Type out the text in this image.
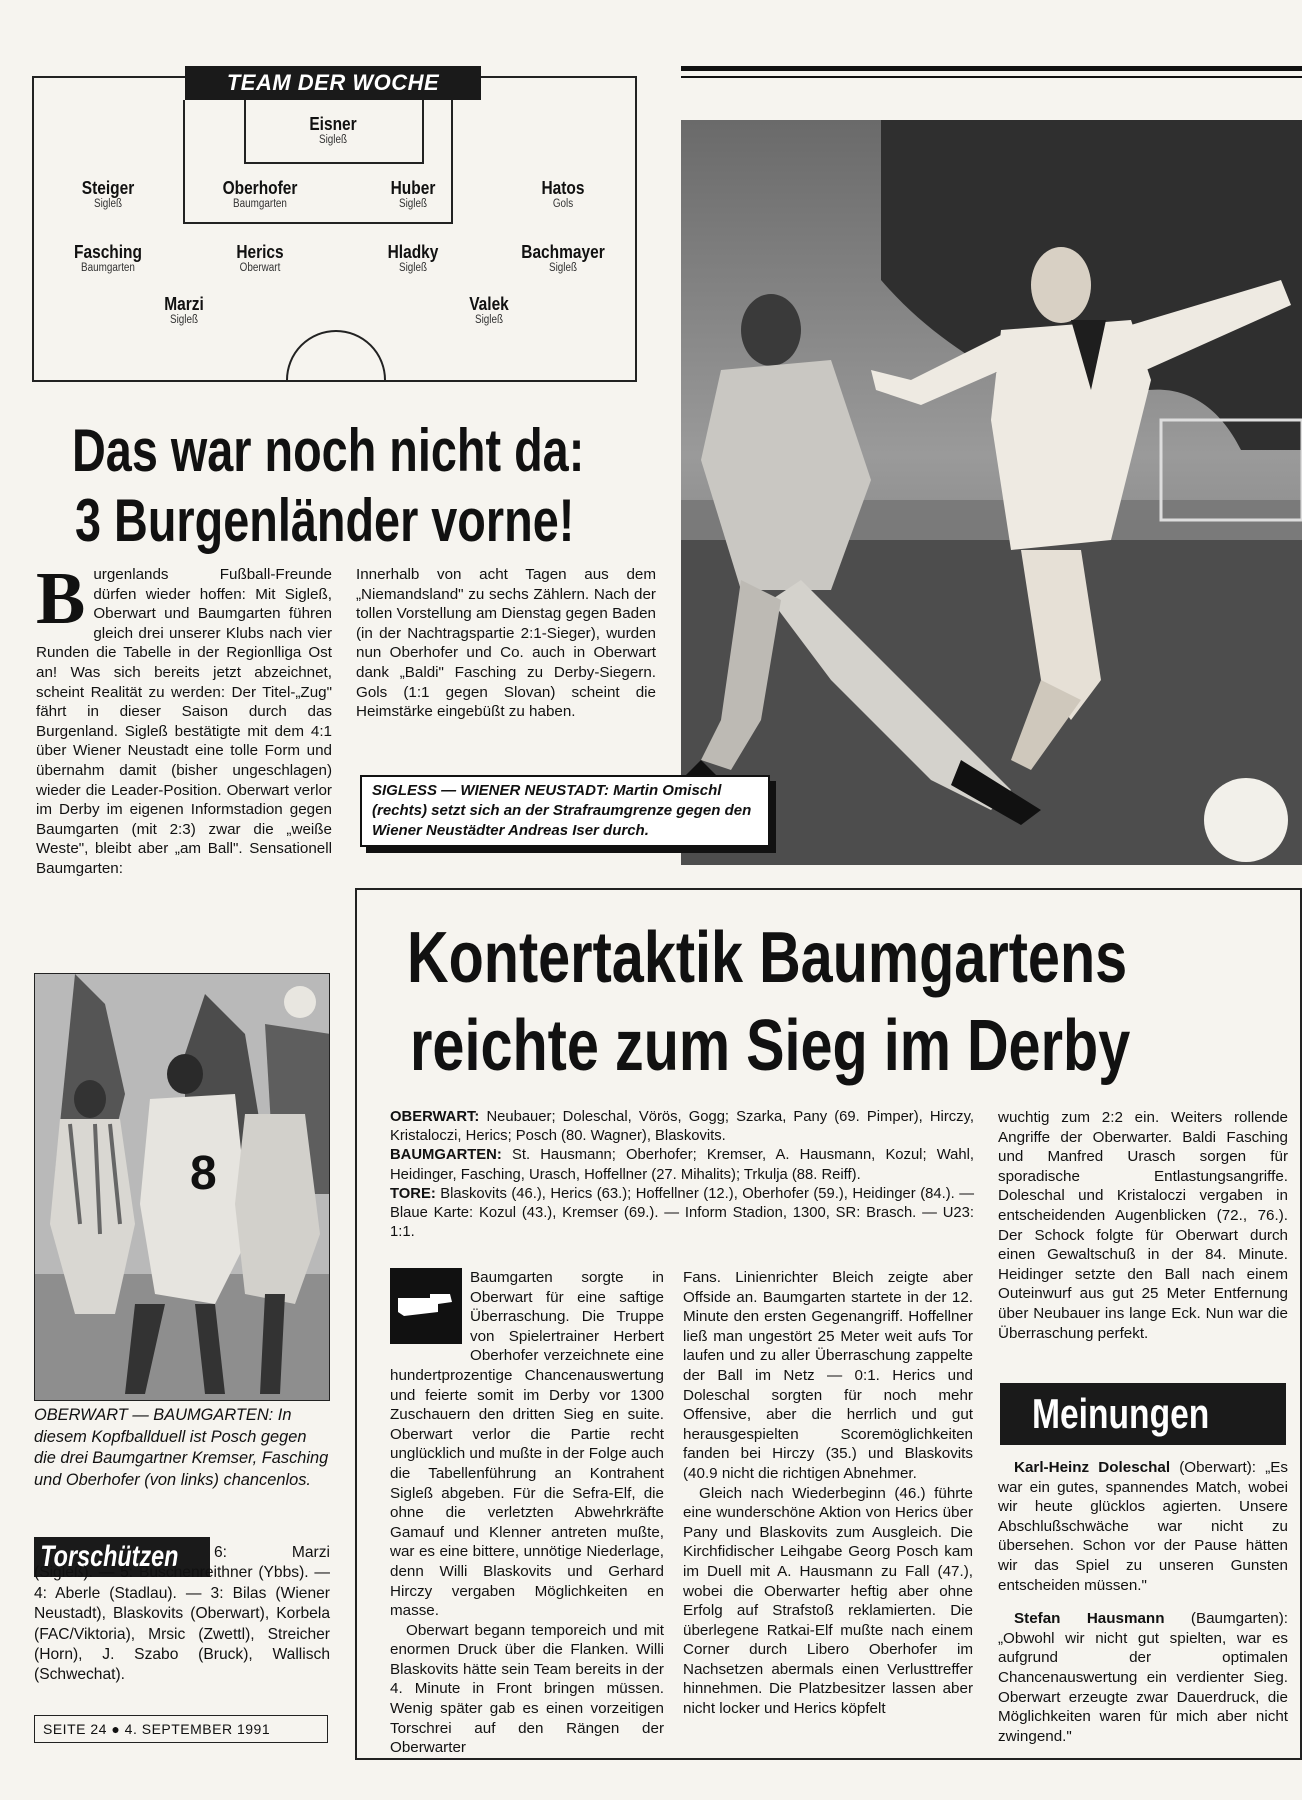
TEAM DER WOCHE
Eisner
Sigleß
Steiger
Sigleß
Oberhofer
Baumgarten
Huber
Sigleß
Hatos
Gols
Fasching
Baumgarten
Herics
Oberwart
Hladky
Sigleß
Bachmayer
Sigleß
Marzi
Sigleß
Valek
Sigleß
Das war noch nicht da:
3 Burgenländer vorne!
Burgenlands Fußball-Freunde dürfen wieder hoffen: Mit Sigleß, Oberwart und Baumgarten führen gleich drei unserer Klubs nach vier Runden die Tabelle in der Regionlliga Ost an! Was sich bereits jetzt abzeichnet, scheint Realität zu werden: Der Titel-„Zug" fährt in dieser Saison durch das Burgenland. Sigleß bestätigte mit dem 4:1 über Wiener Neustadt eine tolle Form und übernahm damit (bisher ungeschlagen) wieder die Leader-Position. Oberwart verlor im Derby im eigenen Informstadion gegen Baumgarten (mit 2:3) zwar die „weiße Weste", bleibt aber „am Ball". Sensationell Baumgarten:
Innerhalb von acht Tagen aus dem „Niemandsland" zu sechs Zählern. Nach der tollen Vorstellung am Dienstag gegen Baden (in der Nachtragspartie 2:1-Sieger), wurden nun Oberhofer und Co. auch in Oberwart dank „Baldi" Fasching zu Derby-Siegern. Gols (1:1 gegen Slovan) scheint die Heimstärke eingebüßt zu haben.
SIGLESS — WIENER NEUSTADT: Martin Omischl (rechts) setzt sich an der Strafraumgrenze gegen den Wiener Neustädter Andreas Iser durch.
8
OBERWART — BAUMGARTEN: In diesem Kopfballduell ist Posch gegen die drei Baumgartner Kremser, Fasching und Oberhofer (von links) chancenlos.
Torschützen	6: Marzi (Sigleß). — 5: Buschenreithner (Ybbs). — 4: Aberle (Stadlau). — 3: Bilas (Wiener Neustadt), Blaskovits (Oberwart), Korbela (FAC/Viktoria), Mrsic (Zwettl), Streicher (Horn), J. Szabo (Bruck), Wallisch (Schwechat).
SEITE 24 ● 4. SEPTEMBER 1991
Kontertaktik Baumgartens
reichte zum Sieg im Derby
OBERWART: Neubauer; Doleschal, Vörös, Gogg; Szarka, Pany (69. Pimper), Hirczy, Kristaloczi, Herics; Posch (80. Wagner), Blaskovits.
BAUMGARTEN: St. Hausmann; Oberhofer; Kremser, A. Hausmann, Kozul; Wahl, Heidinger, Fasching, Urasch, Hoffellner (27. Mihalits); Trkulja (88. Reiff).
TORE: Blaskovits (46.), Herics (63.); Hoffellner (12.), Oberhofer (59.), Heidinger (84.). — Blaue Karte: Kozul (43.), Kremser (69.). — Inform Stadion, 1300, SR: Brasch. — U23: 1:1.

Baumgarten sorgte in Oberwart für eine saftige Überraschung. Die Truppe von Spielertrainer Herbert Oberhofer verzeichnete eine hundertprozentige Chancenauswertung und feierte somit im Derby vor 1300 Zuschauern den dritten Sieg en suite. Oberwart verlor die Partie recht unglücklich und mußte in der Folge auch die Tabellenführung an Kontrahent Sigleß abgeben. Für die Sefra-Elf, die ohne die verletzten Abwehrkräfte Gamauf und Klenner antreten mußte, war es eine bittere, unnötige Niederlage, denn Willi Blaskovits und Gerhard Hirczy vergaben Möglichkeiten en masse.

Oberwart begann temporeich und mit enormen Druck über die Flanken. Willi Blaskovits hätte sein Team bereits in der 4. Minute in Front bringen müssen. Wenig später gab es einen vorzeitigen Torschrei auf den Rängen der Oberwarter

Fans. Linienrichter Bleich zeigte aber Offside an. Baumgarten startete in der 12. Minute den ersten Gegenangriff. Hoffellner ließ man ungestört 25 Meter weit aufs Tor laufen und zu aller Überraschung zappelte der Ball im Netz — 0:1. Herics und Doleschal sorgten für noch mehr Offensive, aber die herrlich und gut herausgespielten Scoremöglichkeiten fanden bei Hirczy (35.) und Blaskovits (40.9 nicht die richtigen Abnehmer.

Gleich nach Wiederbeginn (46.) führte eine wunderschöne Aktion von Herics über Pany und Blaskovits zum Ausgleich. Die Kirchfidischer Leihgabe Georg Posch kam im Duell mit A. Hausmann zu Fall (47.), wobei die Oberwarter heftig aber ohne Erfolg auf Strafstoß reklamierten. Die überlegene Ratkai-Elf mußte nach einem Corner durch Libero Oberhofer im Nachsetzen abermals einen Verlusttreffer hinnehmen. Die Platzbesitzer lassen aber nicht locker und Herics köpfelt

wuchtig zum 2:2 ein. Weiters rollende Angriffe der Oberwarter. Baldi Fasching und Manfred Urasch sorgen für sporadische Entlastungsangriffe. Doleschal und Kristaloczi vergaben in entscheidenden Augenblicken (72., 76.). Der Schock folgte für Oberwart durch einen Gewaltschuß in der 84. Minute. Heidinger setzte den Ball nach einem Outeinwurf aus gut 25 Meter Entfernung über Neubauer ins lange Eck. Nun war die Überraschung perfekt.

Meinungen

Karl-Heinz Doleschal (Oberwart): „Es war ein gutes, spannendes Match, wobei wir heute glücklos agierten. Unsere Abschlußschwäche war nicht zu übersehen. Schon vor der Pause hätten wir das Spiel zu unseren Gunsten entscheiden müssen."

Stefan Hausmann (Baumgarten): „Obwohl wir nicht gut spielten, war es aufgrund der optimalen Chancenauswertung ein verdienter Sieg. Oberwart erzeugte zwar Dauerdruck, die Möglichkeiten waren für mich aber nicht zwingend."
